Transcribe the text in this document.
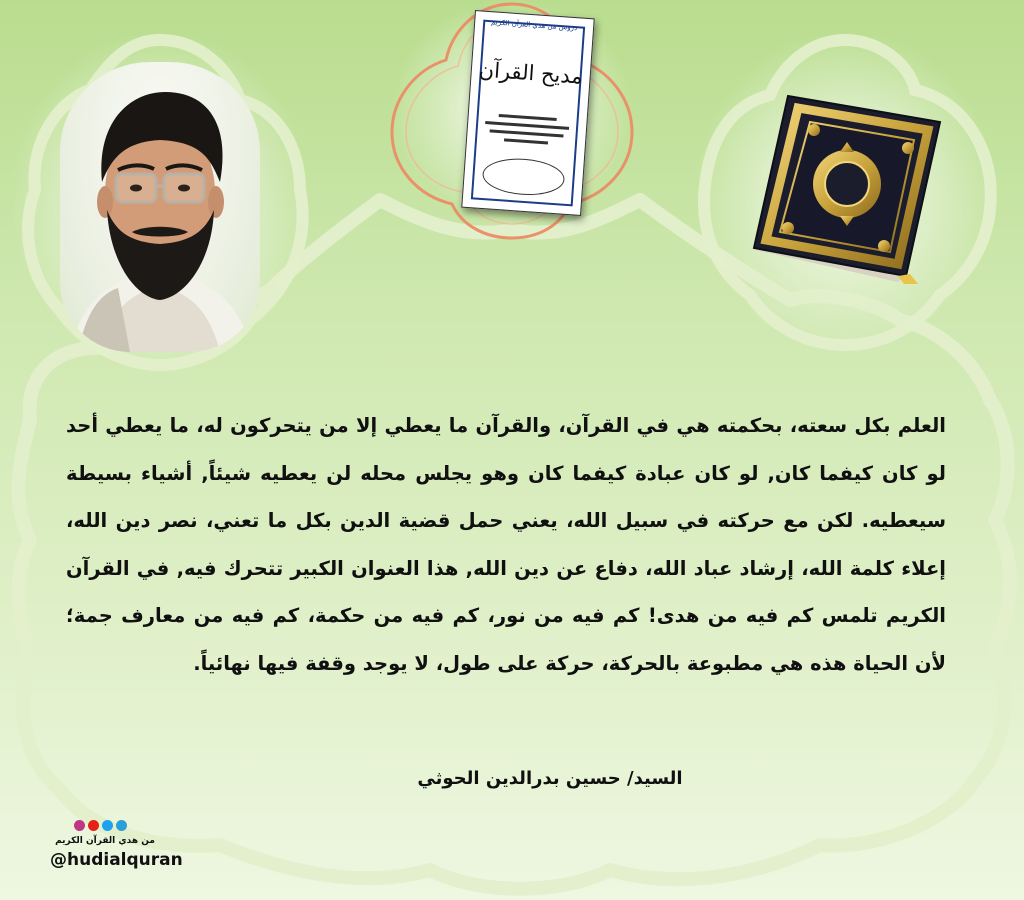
دروس من هدي القرآن الكريم
مديح القرآن
العلم بكل سعته، بحكمته هي في القرآن، والقرآن ما يعطي إلا من يتحركون له، ما يعطي أحد لو كان كيفما كان, لو كان عبادة كيفما كان وهو يجلس محله لن يعطيه شيئاً, أشياء بسيطة سيعطيه. لكن مع حركته في سبيل الله، يعني حمل قضية الدين بكل ما تعني، نصر دين الله، إعلاء كلمة الله، إرشاد عباد الله، دفاع عن دين الله, هذا العنوان الكبير تتحرك فيه, في القرآن الكريم تلمس كم فيه من هدى! كم فيه من نور، كم فيه من حكمة، كم فيه من معارف جمة؛ لأن الحياة هذه هي مطبوعة بالحركة، حركة على طول، لا يوجد وقفة فيها نهائياً.
السيد/ حسين بدرالدين الحوثي
من هدي القرآن الكريم
@hudialquran
